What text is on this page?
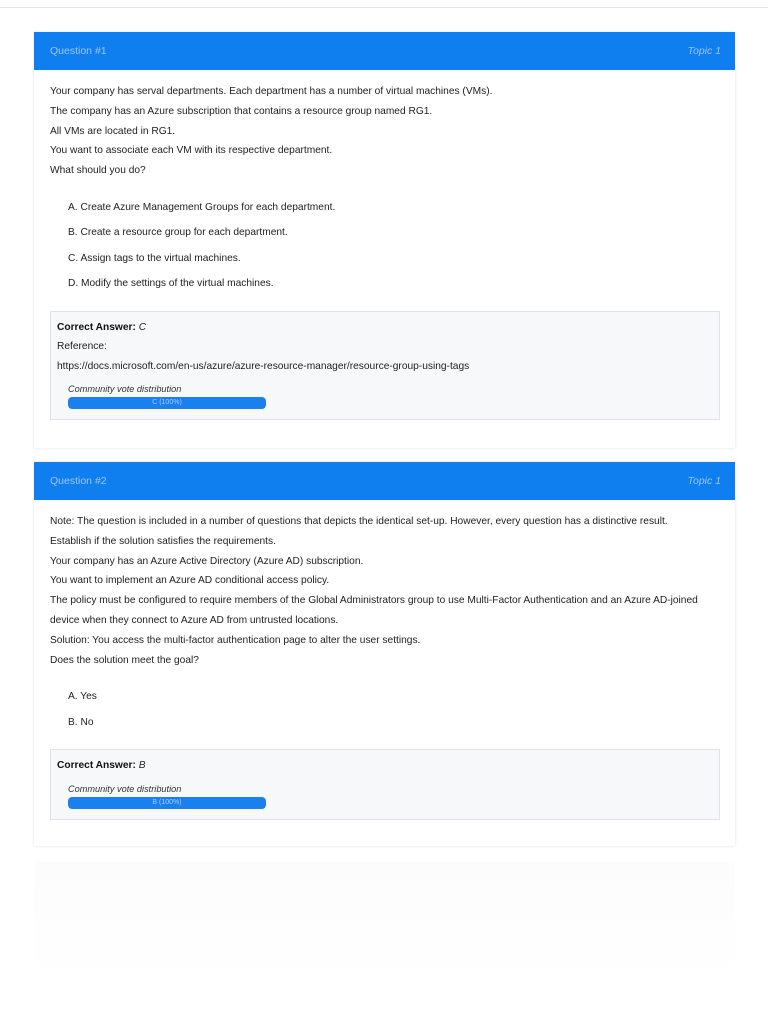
Question #1	Topic 1
Your company has serval departments. Each department has a number of virtual machines (VMs).
The company has an Azure subscription that contains a resource group named RG1.
All VMs are located in RG1.
You want to associate each VM with its respective department.
What should you do?
A. Create Azure Management Groups for each department.
B. Create a resource group for each department.
C. Assign tags to the virtual machines.
D. Modify the settings of the virtual machines.
Correct Answer: C
Reference:
https://docs.microsoft.com/en-us/azure/azure-resource-manager/resource-group-using-tags
Community vote distribution
C (100%)
Question #2	Topic 1
Note: The question is included in a number of questions that depicts the identical set-up. However, every question has a distinctive result.
Establish if the solution satisfies the requirements.
Your company has an Azure Active Directory (Azure AD) subscription.
You want to implement an Azure AD conditional access policy.
The policy must be configured to require members of the Global Administrators group to use Multi-Factor Authentication and an Azure AD-joined
device when they connect to Azure AD from untrusted locations.
Solution: You access the multi-factor authentication page to alter the user settings.
Does the solution meet the goal?
A. Yes
B. No
Correct Answer: B
Community vote distribution
B (100%)
